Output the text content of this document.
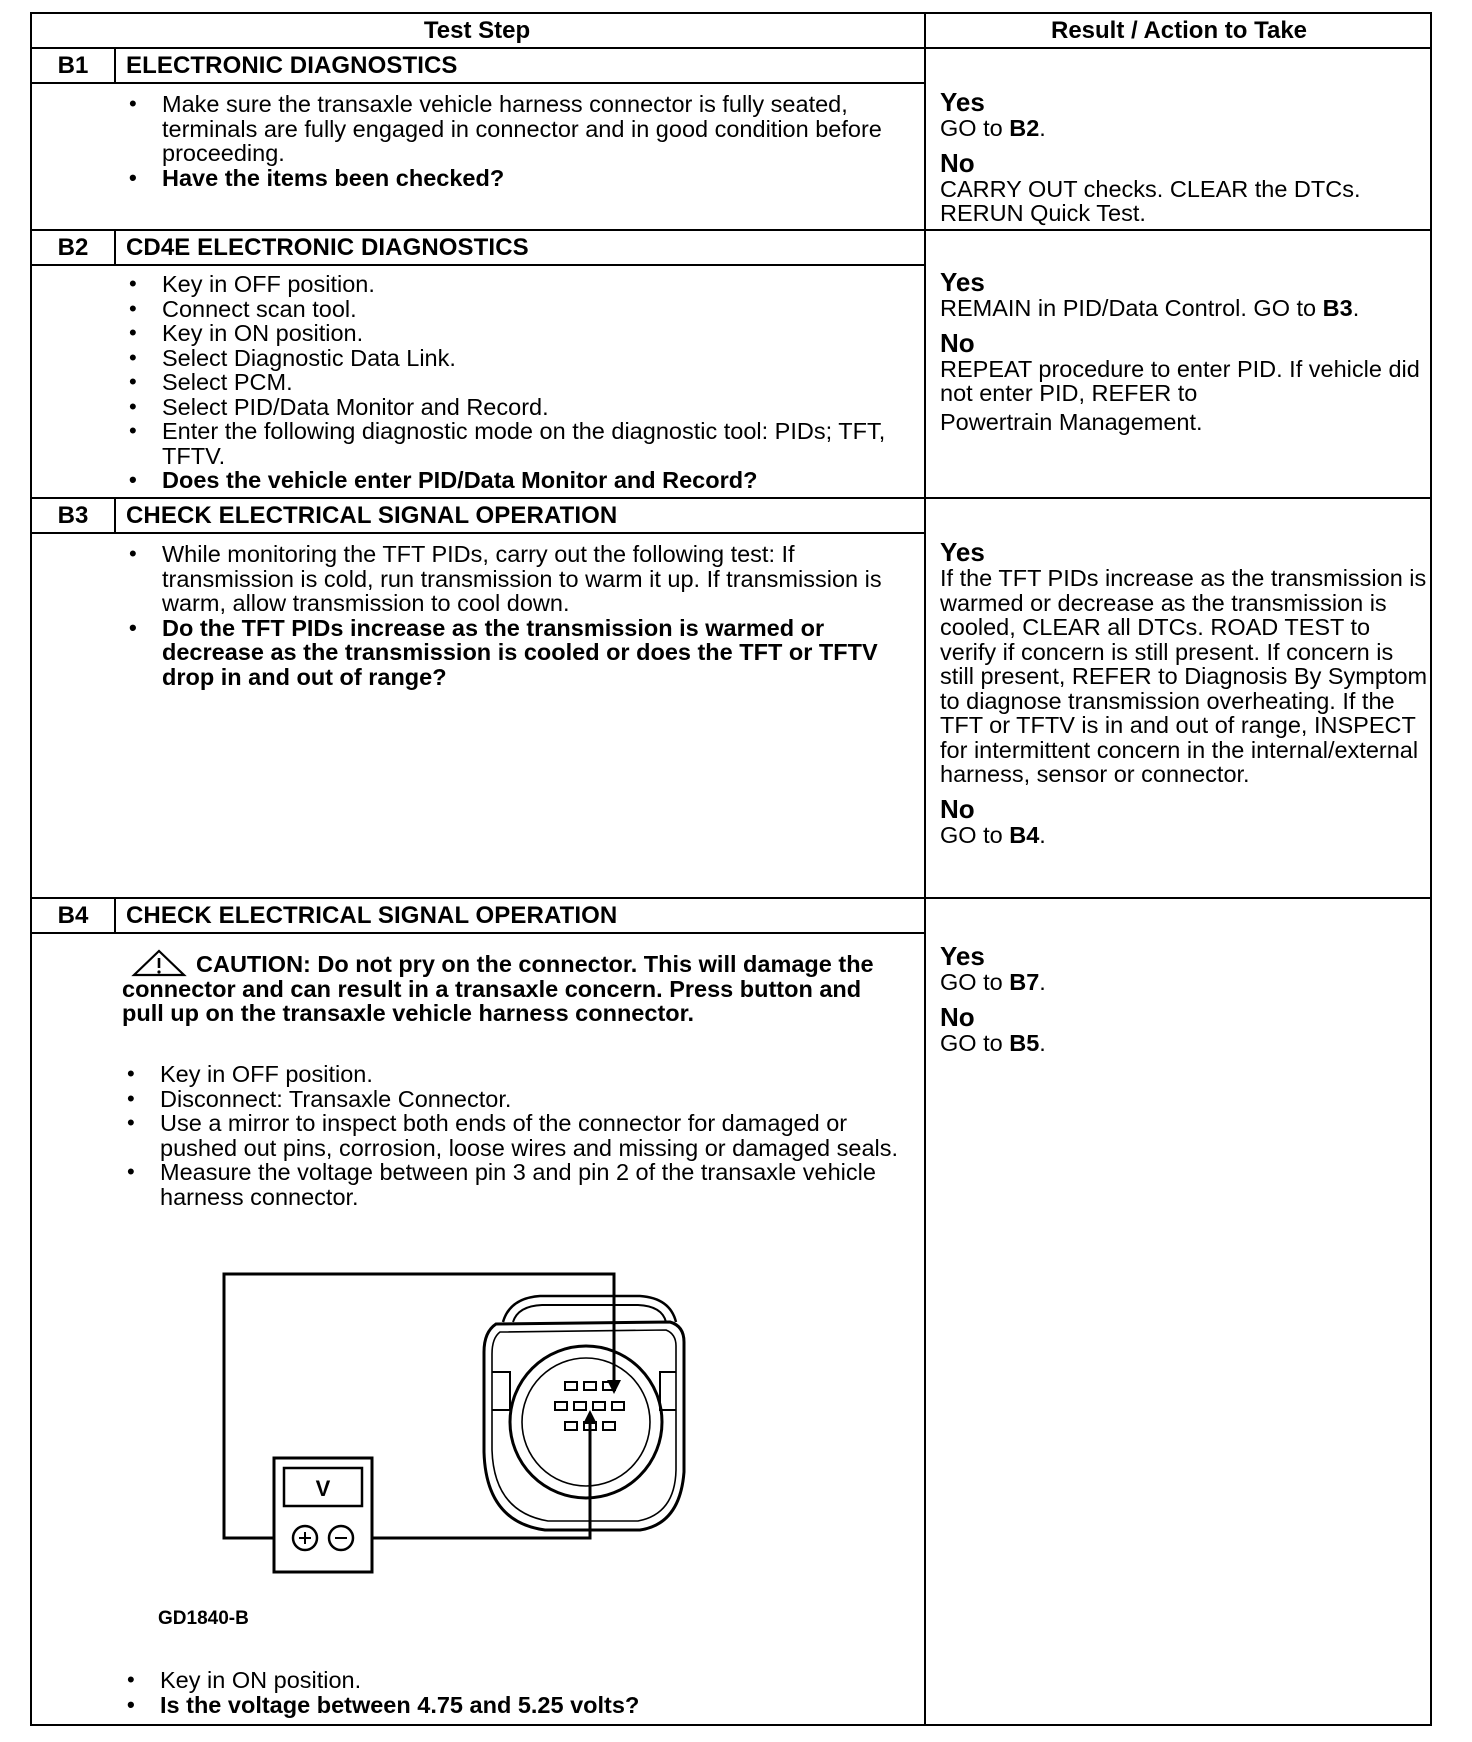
Test Step	Result / Action to Take
B1	ELECTRONIC DIAGNOSTICS
• Make sure the transaxle vehicle harness connector is fully seated, terminals are fully engaged in connector and in good condition before proceeding.
• Have the items been checked?
Yes
GO to B2.
No
CARRY OUT checks. CLEAR the DTCs. RERUN Quick Test.
B2	CD4E ELECTRONIC DIAGNOSTICS
• Key in OFF position.
• Connect scan tool.
• Key in ON position.
• Select Diagnostic Data Link.
• Select PCM.
• Select PID/Data Monitor and Record.
• Enter the following diagnostic mode on the diagnostic tool: PIDs; TFT, TFTV.
• Does the vehicle enter PID/Data Monitor and Record?
Yes
REMAIN in PID/Data Control. GO to B3.
No
REPEAT procedure to enter PID. If vehicle did not enter PID, REFER to
Powertrain Management.
B3	CHECK ELECTRICAL SIGNAL OPERATION
• While monitoring the TFT PIDs, carry out the following test: If transmission is cold, run transmission to warm it up. If transmission is warm, allow transmission to cool down.
• Do the TFT PIDs increase as the transmission is warmed or decrease as the transmission is cooled or does the TFT or TFTV drop in and out of range?
Yes
If the TFT PIDs increase as the transmission is warmed or decrease as the transmission is cooled, CLEAR all DTCs. ROAD TEST to verify if concern is still present. If concern is still present, REFER to Diagnosis By Symptom to diagnose transmission overheating. If the TFT or TFTV is in and out of range, INSPECT for intermittent concern in the internal/external harness, sensor or connector.
No
GO to B4.
B4	CHECK ELECTRICAL SIGNAL OPERATION
CAUTION: Do not pry on the connector. This will damage the connector and can result in a transaxle concern. Press button and pull up on the transaxle vehicle harness connector.
• Key in OFF position.
• Disconnect: Transaxle Connector.
• Use a mirror to inspect both ends of the connector for damaged or pushed out pins, corrosion, loose wires and missing or damaged seals.
• Measure the voltage between pin 3 and pin 2 of the transaxle vehicle harness connector.
V
GD1840-B
• Key in ON position.
• Is the voltage between 4.75 and 5.25 volts?
Yes
GO to B7.
No
GO to B5.
